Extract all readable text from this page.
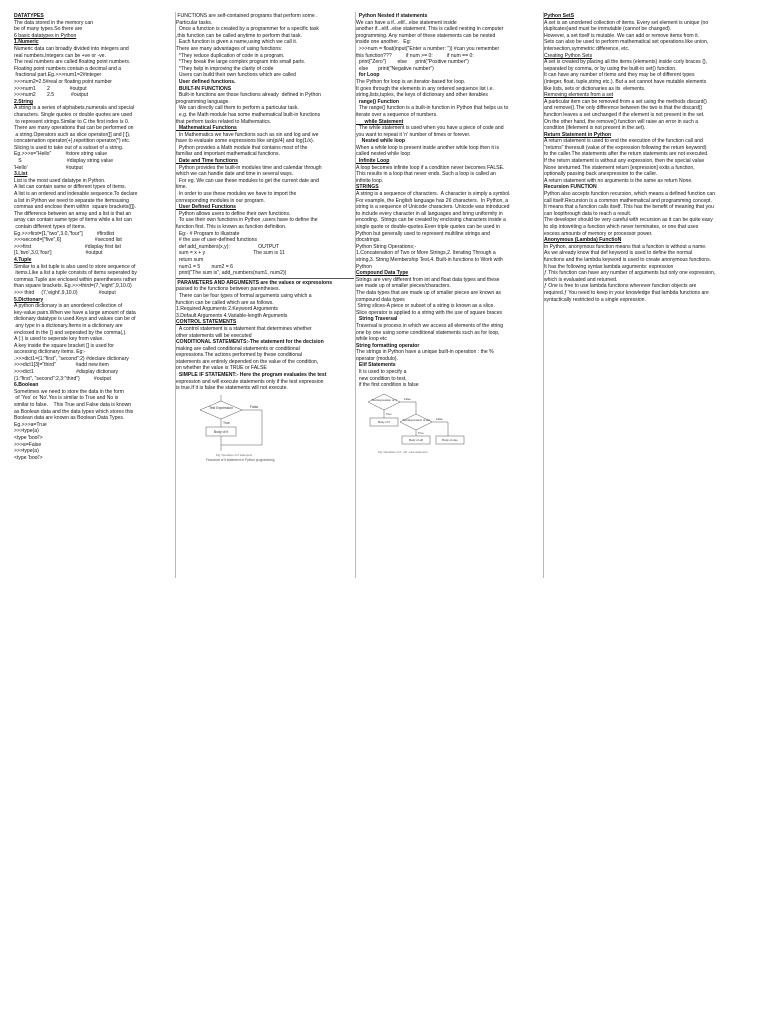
DATATYPES
The data stored in the memory can
be of many types.So there are
6 basic datatypes in Python
1.Numeric
Numeric data can broadly divided into integers and
real numbers.Integers can be +ve or -ve.
The real numbers are called floating point numbers.
Floating point numbers contain a decimal and a
fractional part.Eg.>>>num1=2#integer
>>>num2=2.5#real or floating point number
>>>num1        2              #output
>>>num2        2.5            #output
2.String
A string is a series of alphabets,numerals and special
characters. Single quotes or double quotes are used
to represent strings.Similar to C the first index is 0.
There are many operations that can be performed on
a string.Operators such as slice operator([] and [:]),
concatenation operator(+),repetition operator(*) etc.
Slicing is used to take out of a subset of a string.
Eg.>>>s="Hello"          #store string value
S                                #display string value
'Hello'                           #output
3.List
List is the most used datatype in Python.
A list can contain same or different types of items.
A list is an ordered and indexable sequence.To declare
a list in Python we need to separate the itemsusing
commas and enclose them within  square brackets([]).
The difference between an array and a list is that an
array can contain same type of items while a list can
contain different types of items.
Eg.>>>first=[1,"two",3.0,"four"]          #firstlist
>>>second=["five",6]                        #second list
>>>first                                      #display first list
[1,'two',3.0,'four']                        #output
4.Tuple
Similar to a list tuple is also used to store sequence of
items.Like a list a tuple consists of items seperated by
commas.Tuple are enclosed within parentheses rather
than square brackets. Eg.>>>third=(7,"eight",9,10.0)
>>> third     (7,'eight',9,10.0)               #output
5.Dictionary
A python dictionary is an unordered collection of
key-value pairs.When we have a large amount of data
dictionary datatype is used.Keys and values can be of
any type in a dictionary.Items in a dictionary are
enclosed in the {} and seperated by the comma(,).
A (:) is used to seperate key from value.
A key inside the square bracket [] is used for
accessing dictionary items. Eg:-
.>>>dict1={1:"first", "second":2} #declare dictionary
>>>dict1[3]="third"              #add new item
>>>dict1                              #display dictionary
{1:"first", "second":2,3:"third"}          #output
6.Boolean
Sometimes we need to store the data in the form
of 'Yes' or 'No'.Yes is similar to True and No is
similar to false.    This True and False data is known
as Boolean data and the data types which stores this
Boolean data are known as Boolean Data Types.
Eg.>>>a=True
>>>type(a)
<type 'bool'>
>>>a=False
>>>type(a)
<type 'bool'>
FUNCTIONS are self-contained programs that perform some .
Particular tasks.
Once a function is created by a programmer for a specific task
,this function can be called anytime to perform that task.
Each function is given a name,using which we call it.
There are many advantages of using functions:
*They reduce duplication of code in a program.
*They break the large complex program into small parts.
*They help in improving the clarity of code
Users can build their own functions which are called
User defined functions.
BUILT-IN FUNCTIONS
Built-in functions are those functions already  defined in Python
programming language.
We can directly call them to perform a particular task.
e.g. the Math module has some mathematical built-in functions
that perform tasks related to Mathematics.
Mathematical Functions
In Mathematics we have functions such as sin and log and we
have to evaluate some expressions like sin(pi/4) and log(1/x).
Python provides a Math module that contains most of the
familiar and important mathematical functions.
Date and Time functions
Python provides the built-in modules time and calendar through
which we can handle date and time in several ways.
For eg. We can use these modules to get the current date and
time.
In order to use these modules we have to import the
corresponding modules in our program.
User Defined Functions
Python allows users to define their own functions.
To use their own functions in Python ,users have to define the
function first. This is known as function definition.
Eg:- # Program to illustrate
# the use of user-defined functions
def add_numbers(x,y):                    OUTPUT
sum = x + y                                  The sum is 11
return sum
num1 = 5        num2 = 6
print("The sum is", add_numbers(num1, num2))
PARAMETERS AND ARGUMENTS are the values or expressions
passed to the functions between parentheses.
There can be four types of formal arguments using which a
function can be called which are as follows.
1.Required Arguments 2.Keyword Arguments
3.Default Arguments 4.Variable-length Arguments
CONTROL STATEMENTS
A control statement is a statement that determines whether
other statements will be executed
CONDITIONAL STATEMENTS:-The statement for the decision
making are called conditional statements or conditional
expressions.The actions performed by these conditional
statements are entirely depended on the value of the condition,
on whether the value is TRUE or FALSE
SIMPLE IF STATEMENT:- Here the program evaluates the test
expression and will execute statements only if the test expression
is true.If it is false the statements will not execute.
Test Expression	False
True
Body of if
Fig: Operation of if statement
Flowchart of if statement in Python programming
Python Nested if statements
We can have a if...elif...else statement inside
another if...elif...else statement. This is called nesting in computer
programming. Any number of these statements can be nested
inside one another.   Eg:
>>>num = float(input("Enter a number: ")) #can you remember
this function???          if num >= 0:          if num == 0:
print("Zero")        else      print("Positive number")
else       print("Negative number")
for Loop
The Python for loop is an iterator-based for loop.
It goes through the elements in any ordered sequence list i.e.
string,lists,tuples, the keys of dictionary and other iterables
range() Function
The range() function is a built-in function in Python that helps us to
iterate over a sequence of numbers.
while Statement
The while statement is used when you have a piece of code and
you want to repeat it 'n' number of times or forever.
Nested while loop
When a while loop is present inside another while loop then it is
called nested while loop
Infinite Loop
A loop becomes infinite loop if a condition never becomes FALSE.
This results in a loop that never ends. Such a loop is called an
infinite loop.
STRINGS
A string is a sequence of characters.  A character is simply a symbol.
For example, the English language has 26 characters.  In Python, a
string is a sequence of Unicode characters. Unicode was introduced
to include every character in all languages and bring uniformity in
encoding.  Strings can be created by enclosing characters inside a
single quote or double-quotes.Even triple quotes can be used in
Python but generally used to represent multiline strings and
docstrings.
Python String Operations;-
1.Concatenation of Two or More Strings,2. Iterating Through a
string,3. String Membership Test,4. Built-in functions to Work with
Python
Compound Data Type
Strings are very different from int and float data types and these
are made up of smaller pieces/characters.
The data types that are made up of smaller pieces are known as
compound data types
String slices-A piece or subset of a string is known as a slice.
Slice operator is applied to a string with the use of square braces
String Traversal
Traversal is process in which we access all elements of the string
one by one using some conditional statements such as for loop,
while loop etc
String formatting operator
The strings in Python have a unique built-in operation : the %
operator (modulo).
Elif Statements
It is used to specify a
new condition to test,
if the first condition is false
Test Expression of if	False
True
Body of if	Test Expression of elif False
True
Body of elif	Body of else
Fig: Operation of if...elif...else statement
Python SetS
A set is an unordered collection of items. Every set element is unique (no
duplicates)and must be immutable (cannot be changed).
However, a set itself is mutable. We can add or remove items from it.
Sets can also be used to perform mathematical set operations like union,
intersection,symmetric difference, etc.
Creating Python Sets
A set is created by placing all the items (elements) inside curly braces {},
separated by comma, or by using the built-in set() function.
It can have any number of items and they may be of different types
(integer, float, tuple,string etc.). But a set cannot have mutable elements
like lists, sets or dictionaries as its  elements.
Removing elements from a set
A particular item can be removed from a set using the methods discard()
and remove().The only difference between the two is that the discard()
function leaves a set unchanged if the element is not present in the set.
On the other hand, the remove() function will raise an error in such a
condition (ifelement is not present in the set).
Return Statement in Python
A return statement is used to end the execution of the function call and
"returns" theresult (value of the expression following the return keyword)
to the caller.The statements after the return statements are not executed.
If the return statement is without any expression, then the special value
None isreturned.The statement return [expression] exits a function,
optionally passing back anexpression to the caller.
A return statement with no arguments is the same as return None.
Recursion FUNCTION
Python also accepts function recursion, which means a defined function can
call itself.Recursion is a common mathematical and programming concept.
It means that a function calls itself. This has the benefit of meaning that you
can loopthrough data to reach a result.
The developer should be very careful with recursion as it can be quite easy
to slip intowriting a function which never terminates, or one that uses
excess amounts of memory or processor power.
Anonymous (Lambda) FunctioN
In Python, anonymous function means that a function is without a name.
As we already know that def keyword is used to define the normal
functions and the lambda keyword is used to create anonymous functions.
It has the following syntax:lambda arguments: expression
ƒ This function can have any number of arguments but only one expression,
which is evaluated and returned.
ƒ One is free to use lambda functions wherever function objects are
required.ƒ You need to keep in your knowledge that lambda functions are
syntactically restricted to a single expression.
